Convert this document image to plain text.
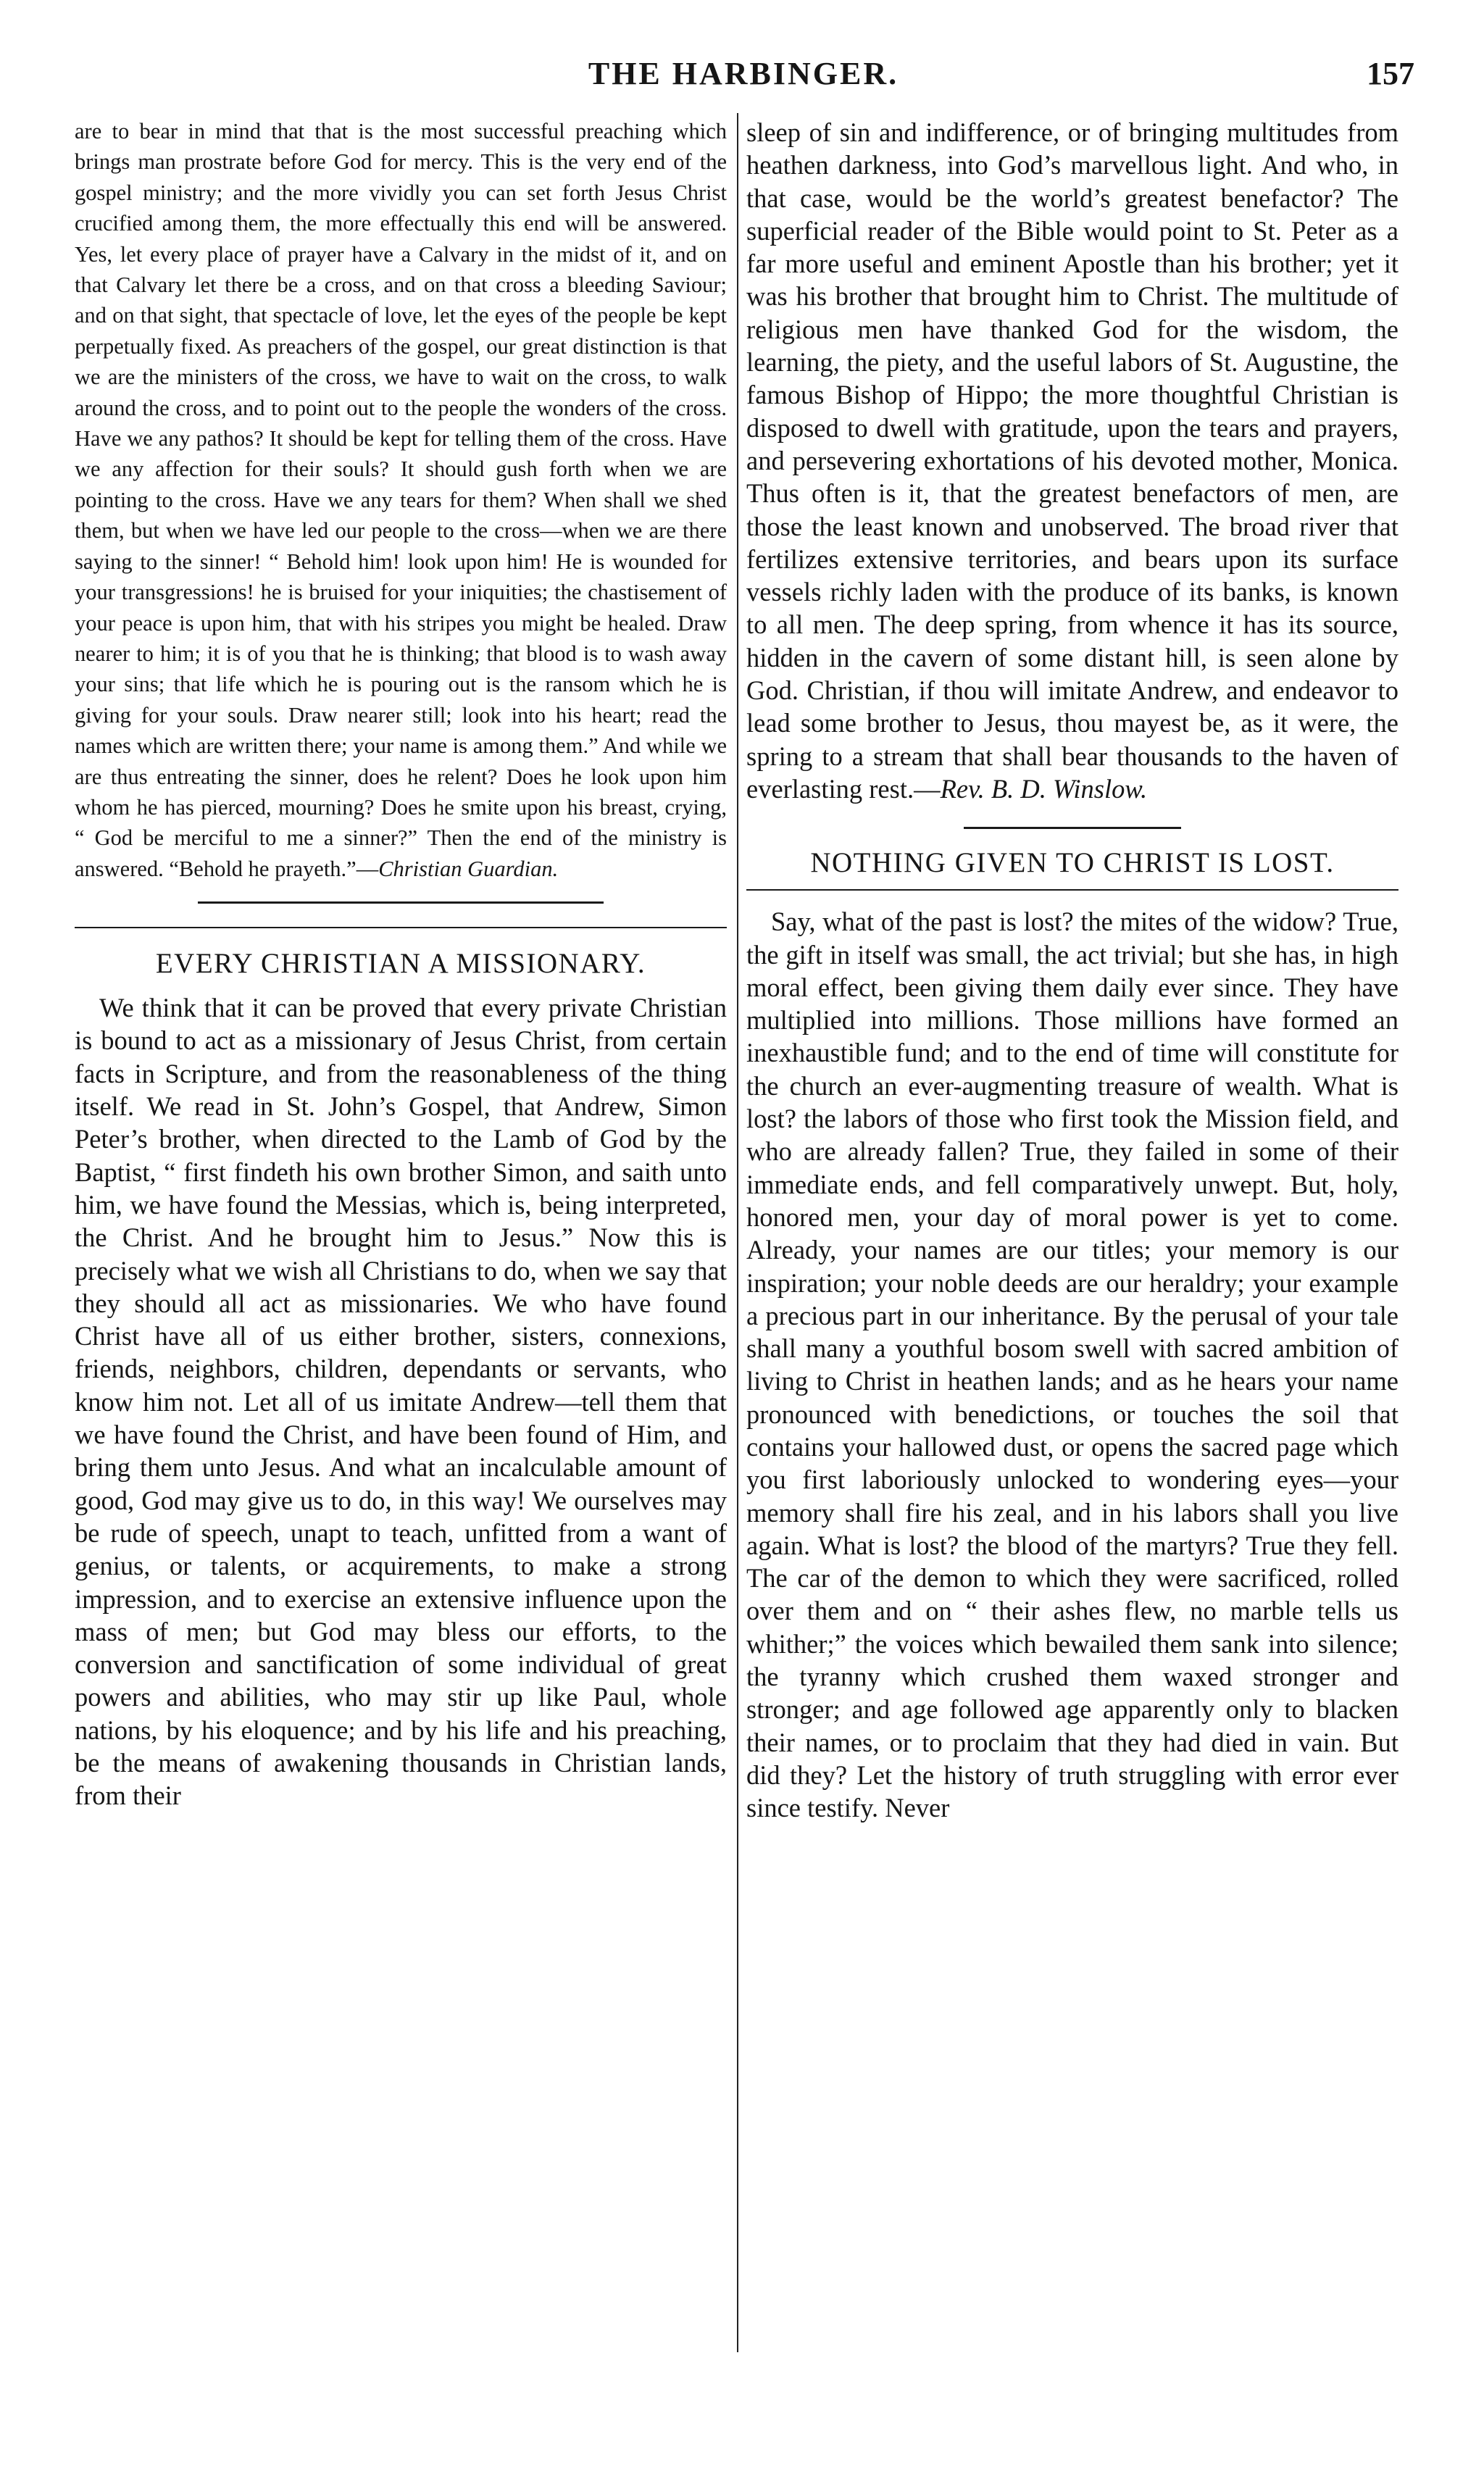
THE HARBINGER.	157

are to bear in mind that that is the most successful preaching which brings man prostrate before God for mercy. This is the very end of the gospel ministry; and the more vividly you can set forth Jesus Christ crucified among them, the more effectually this end will be answered. Yes, let every place of prayer have a Calvary in the midst of it, and on that Calvary let there be a cross, and on that cross a bleeding Saviour; and on that sight, that spectacle of love, let the eyes of the people be kept perpetually fixed. As preachers of the gospel, our great distinction is that we are the ministers of the cross, we have to wait on the cross, to walk around the cross, and to point out to the people the wonders of the cross. Have we any pathos? It should be kept for telling them of the cross. Have we any affection for their souls? It should gush forth when we are pointing to the cross. Have we any tears for them? When shall we shed them, but when we have led our people to the cross—when we are there saying to the sinner! “ Behold him! look upon him! He is wounded for your transgressions! he is bruised for your iniquities; the chastisement of your peace is upon him, that with his stripes you might be healed. Draw nearer to him; it is of you that he is thinking; that blood is to wash away your sins; that life which he is pouring out is the ransom which he is giving for your souls. Draw nearer still; look into his heart; read the names which are written there; your name is among them.” And while we are thus entreating the sinner, does he relent? Does he look upon him whom he has pierced, mourning? Does he smite upon his breast, crying, “ God be merciful to me a sinner?” Then the end of the ministry is answered. “Behold he prayeth.”—Christian Guardian.

EVERY CHRISTIAN A MISSIONARY.

We think that it can be proved that every private Christian is bound to act as a missionary of Jesus Christ, from certain facts in Scripture, and from the reasonableness of the thing itself. We read in St. John’s Gospel, that Andrew, Simon Peter’s brother, when directed to the Lamb of God by the Baptist, “ first findeth his own brother Simon, and saith unto him, we have found the Messias, which is, being interpreted, the Christ. And he brought him to Jesus.” Now this is precisely what we wish all Christians to do, when we say that they should all act as missionaries. We who have found Christ have all of us either brother, sisters, connexions, friends, neighbors, children, dependants or servants, who know him not. Let all of us imitate Andrew—tell them that we have found the Christ, and have been found of Him, and bring them unto Jesus. And what an incalculable amount of good, God may give us to do, in this way! We ourselves may be rude of speech, unapt to teach, unfitted from a want of genius, or talents, or acquirements, to make a strong impression, and to exercise an extensive influence upon the mass of men; but God may bless our efforts, to the conversion and sanctification of some individual of great powers and abilities, who may stir up like Paul, whole nations, by his eloquence; and by his life and his preaching, be the means of awakening thousands in Christian lands, from their

sleep of sin and indifference, or of bringing multitudes from heathen darkness, into God’s marvellous light. And who, in that case, would be the world’s greatest benefactor? The superficial reader of the Bible would point to St. Peter as a far more useful and eminent Apostle than his brother; yet it was his brother that brought him to Christ. The multitude of religious men have thanked God for the wisdom, the learning, the piety, and the useful labors of St. Augustine, the famous Bishop of Hippo; the more thoughtful Christian is disposed to dwell with gratitude, upon the tears and prayers, and persevering exhortations of his devoted mother, Monica. Thus often is it, that the greatest benefactors of men, are those the least known and unobserved. The broad river that fertilizes extensive territories, and bears upon its surface vessels richly laden with the produce of its banks, is known to all men. The deep spring, from whence it has its source, hidden in the cavern of some distant hill, is seen alone by God. Christian, if thou will imitate Andrew, and endeavor to lead some brother to Jesus, thou mayest be, as it were, the spring to a stream that shall bear thousands to the haven of everlasting rest.—Rev. B. D. Winslow.

NOTHING GIVEN TO CHRIST IS LOST.

Say, what of the past is lost? the mites of the widow? True, the gift in itself was small, the act trivial; but she has, in high moral effect, been giving them daily ever since. They have multiplied into millions. Those millions have formed an inexhaustible fund; and to the end of time will constitute for the church an ever-augmenting treasure of wealth. What is lost? the labors of those who first took the Mission field, and who are already fallen? True, they failed in some of their immediate ends, and fell comparatively unwept. But, holy, honored men, your day of moral power is yet to come. Already, your names are our titles; your memory is our inspiration; your noble deeds are our heraldry; your example a precious part in our inheritance. By the perusal of your tale shall many a youthful bosom swell with sacred ambition of living to Christ in heathen lands; and as he hears your name pronounced with benedictions, or touches the soil that contains your hallowed dust, or opens the sacred page which you first laboriously unlocked to wondering eyes—your memory shall fire his zeal, and in his labors shall you live again. What is lost? the blood of the martyrs? True they fell. The car of the demon to which they were sacrificed, rolled over them and on “ their ashes flew, no marble tells us whither;” the voices which bewailed them sank into silence; the tyranny which crushed them waxed stronger and stronger; and age followed age apparently only to blacken their names, or to proclaim that they had died in vain. But did they? Let the history of truth struggling with error ever since testify. Never
